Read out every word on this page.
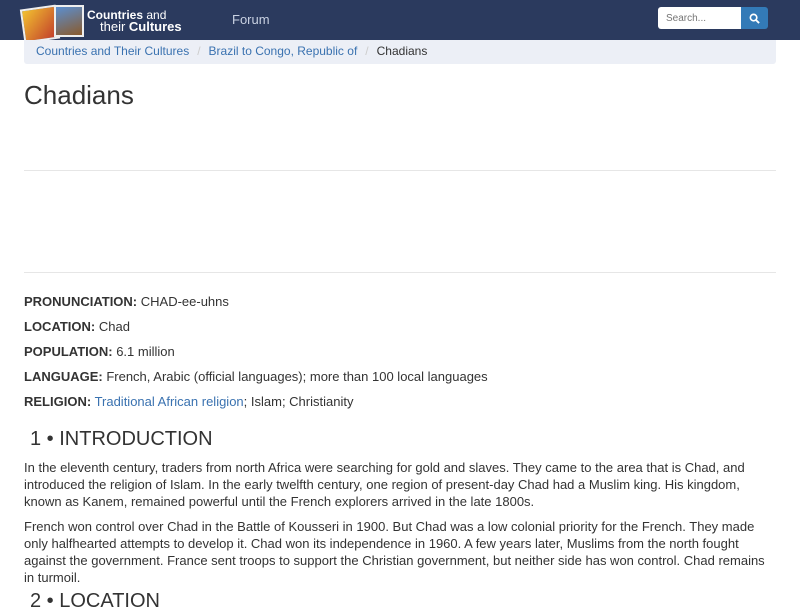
Countries and
their Cultures	Forum
Search...
Countries and Their Cultures / Brazil to Congo, Republic of / Chadians
Chadians
PRONUNCIATION: CHAD-ee-uhns
LOCATION: Chad
POPULATION: 6.1 million
LANGUAGE: French, Arabic (official languages); more than 100 local languages
RELIGION: Traditional African religion; Islam; Christianity
1 • INTRODUCTION

In the eleventh century, traders from north Africa were searching for gold and slaves. They came to the area that is Chad, and introduced the religion of Islam. In the early twelfth century, one region of present-day Chad had a Muslim king. His kingdom, known as Kanem, remained powerful until the French explorers arrived in the late 1800s.

French won control over Chad in the Battle of Kousseri in 1900. But Chad was a low colonial priority for the French. They made only halfhearted attempts to develop it. Chad won its independence in 1960. A few years later, Muslims from the north fought against the government. France sent troops to support the Christian government, but neither side has won control. Chad remains in turmoil.

2 • LOCATION
